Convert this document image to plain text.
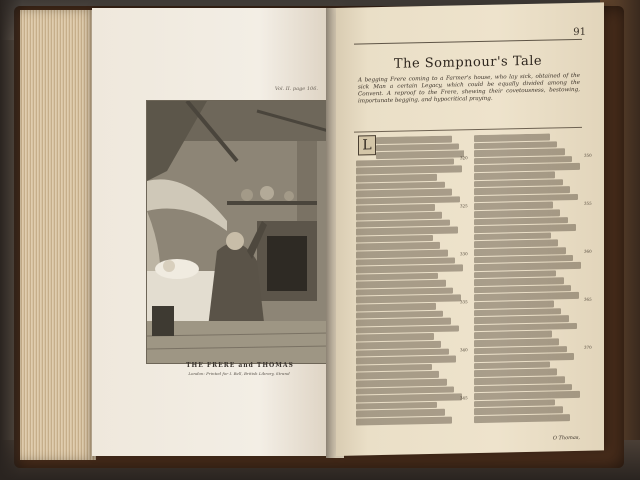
Vol. II. page 106.
THE FRERE and THOMAS
London: Printed for I. Bell, British Library, Strand
91
The Sompnour's Tale
A begging Frere coming to a Farmer's house, who lay sick, obtained of the sick Man a certain Legacy, which could be equally divided among the Convent. A reproof to the Frere, shewing their covetousness, bestowing, importunate begging, and hypocritical praying.
L
320
325
330
335
340
345
350
355
360
365
370
O Thomas,
